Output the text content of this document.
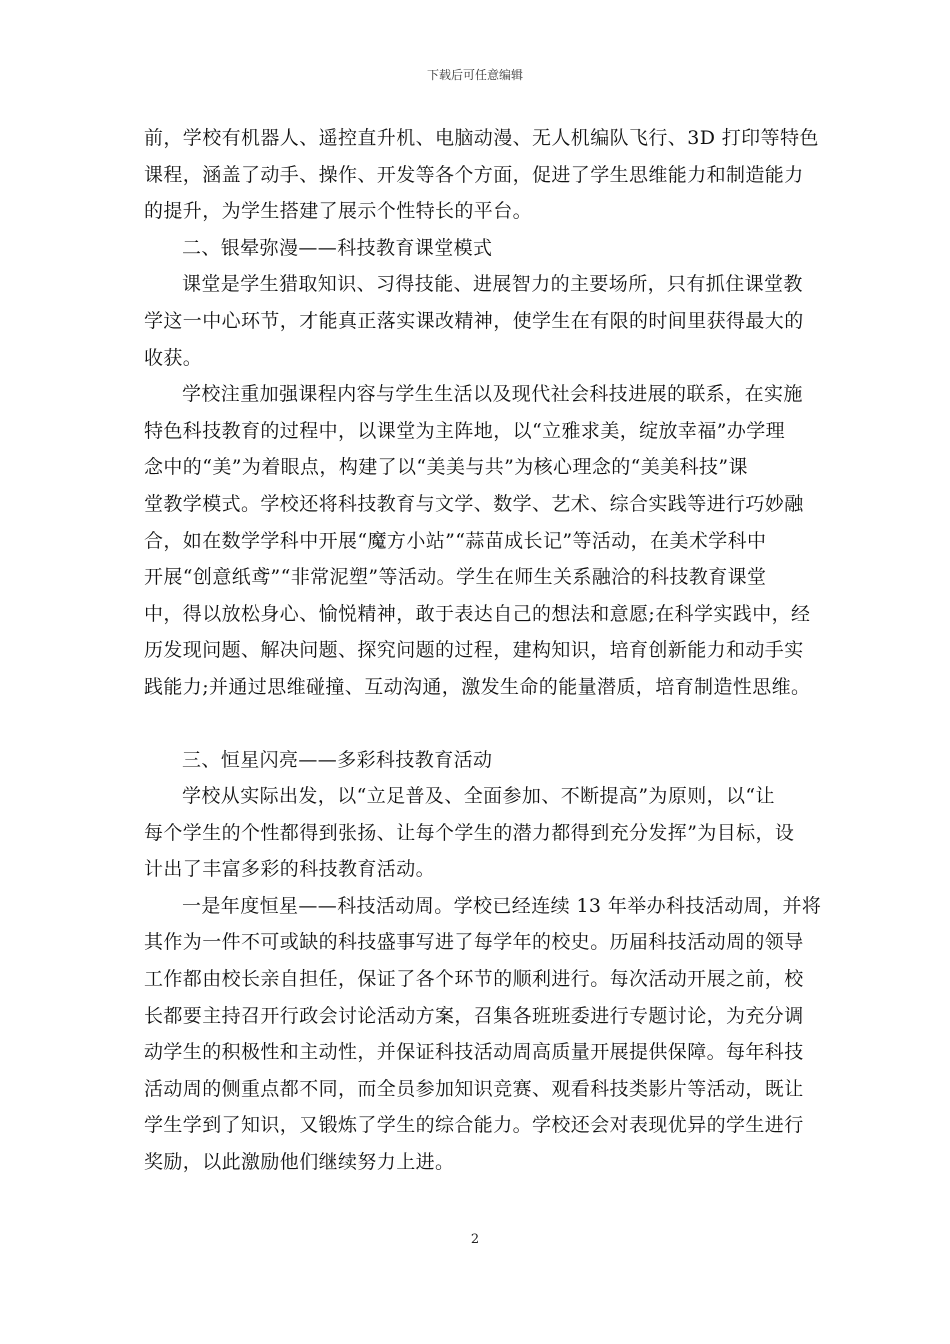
下载后可任意编辑
前，学校有机器人、遥控直升机、电脑动漫、无人机编队飞行、3D 打印等特色
课程，涵盖了动手、操作、开发等各个方面，促进了学生思维能力和制造能力
的提升，为学生搭建了展示个性特长的平台。
二、银晕弥漫——科技教育课堂模式
课堂是学生猎取知识、习得技能、进展智力的主要场所，只有抓住课堂教
学这一中心环节，才能真正落实课改精神，使学生在有限的时间里获得最大的
收获。
学校注重加强课程内容与学生生活以及现代社会科技进展的联系，在实施
特色科技教育的过程中，以课堂为主阵地，以“立雅求美，绽放幸福”办学理
念中的“美”为着眼点，构建了以“美美与共”为核心理念的“美美科技”课
堂教学模式。学校还将科技教育与文学、数学、艺术、综合实践等进行巧妙融
合，如在数学学科中开展“魔方小站”“蒜苗成长记”等活动，在美术学科中
开展“创意纸鸢”“非常泥塑”等活动。学生在师生关系融洽的科技教育课堂
中，得以放松身心、愉悦精神，敢于表达自己的想法和意愿;在科学实践中，经
历发现问题、解决问题、探究问题的过程，建构知识，培育创新能力和动手实
践能力;并通过思维碰撞、互动沟通，激发生命的能量潜质，培育制造性思维。
三、恒星闪亮——多彩科技教育活动
学校从实际出发，以“立足普及、全面参加、不断提高”为原则，以“让
每个学生的个性都得到张扬、让每个学生的潜力都得到充分发挥”为目标，设
计出了丰富多彩的科技教育活动。
一是年度恒星——科技活动周。学校已经连续 13 年举办科技活动周，并将
其作为一件不可或缺的科技盛事写进了每学年的校史。历届科技活动周的领导
工作都由校长亲自担任，保证了各个环节的顺利进行。每次活动开展之前，校
长都要主持召开行政会讨论活动方案，召集各班班委进行专题讨论，为充分调
动学生的积极性和主动性，并保证科技活动周高质量开展提供保障。每年科技
活动周的侧重点都不同，而全员参加知识竞赛、观看科技类影片等活动，既让
学生学到了知识，又锻炼了学生的综合能力。学校还会对表现优异的学生进行
奖励，以此激励他们继续努力上进。
2
